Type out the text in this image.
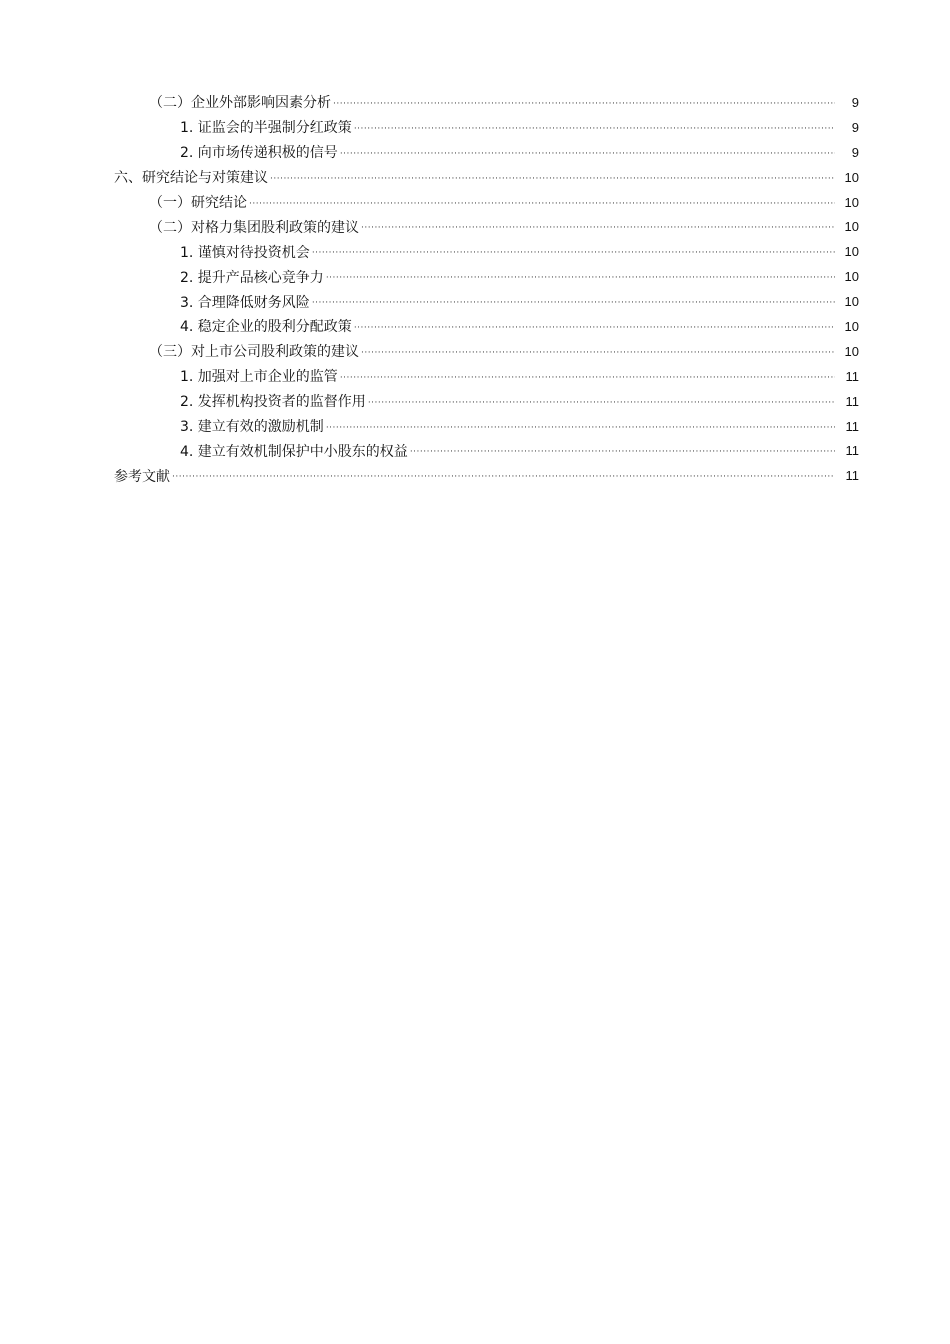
（二）企业外部影响因素分析 ·····	9
1. 证监会的半强制分红政策 ·····	9
2. 向市场传递积极的信号 ·····	9
六、研究结论与对策建议 ·····	10
（一）研究结论 ·····	10
（二）对格力集团股利政策的建议 ·····	10
1. 谨慎对待投资机会 ·····	10
2. 提升产品核心竞争力 ·····	10
3. 合理降低财务风险 ·····	10
4. 稳定企业的股利分配政策 ·····	10
（三）对上市公司股利政策的建议 ·····	10
1. 加强对上市企业的监管 ·····	11
2. 发挥机构投资者的监督作用 ·····	11
3. 建立有效的激励机制 ·····	11
4. 建立有效机制保护中小股东的权益 ·····	11
参考文献 ·····	11
